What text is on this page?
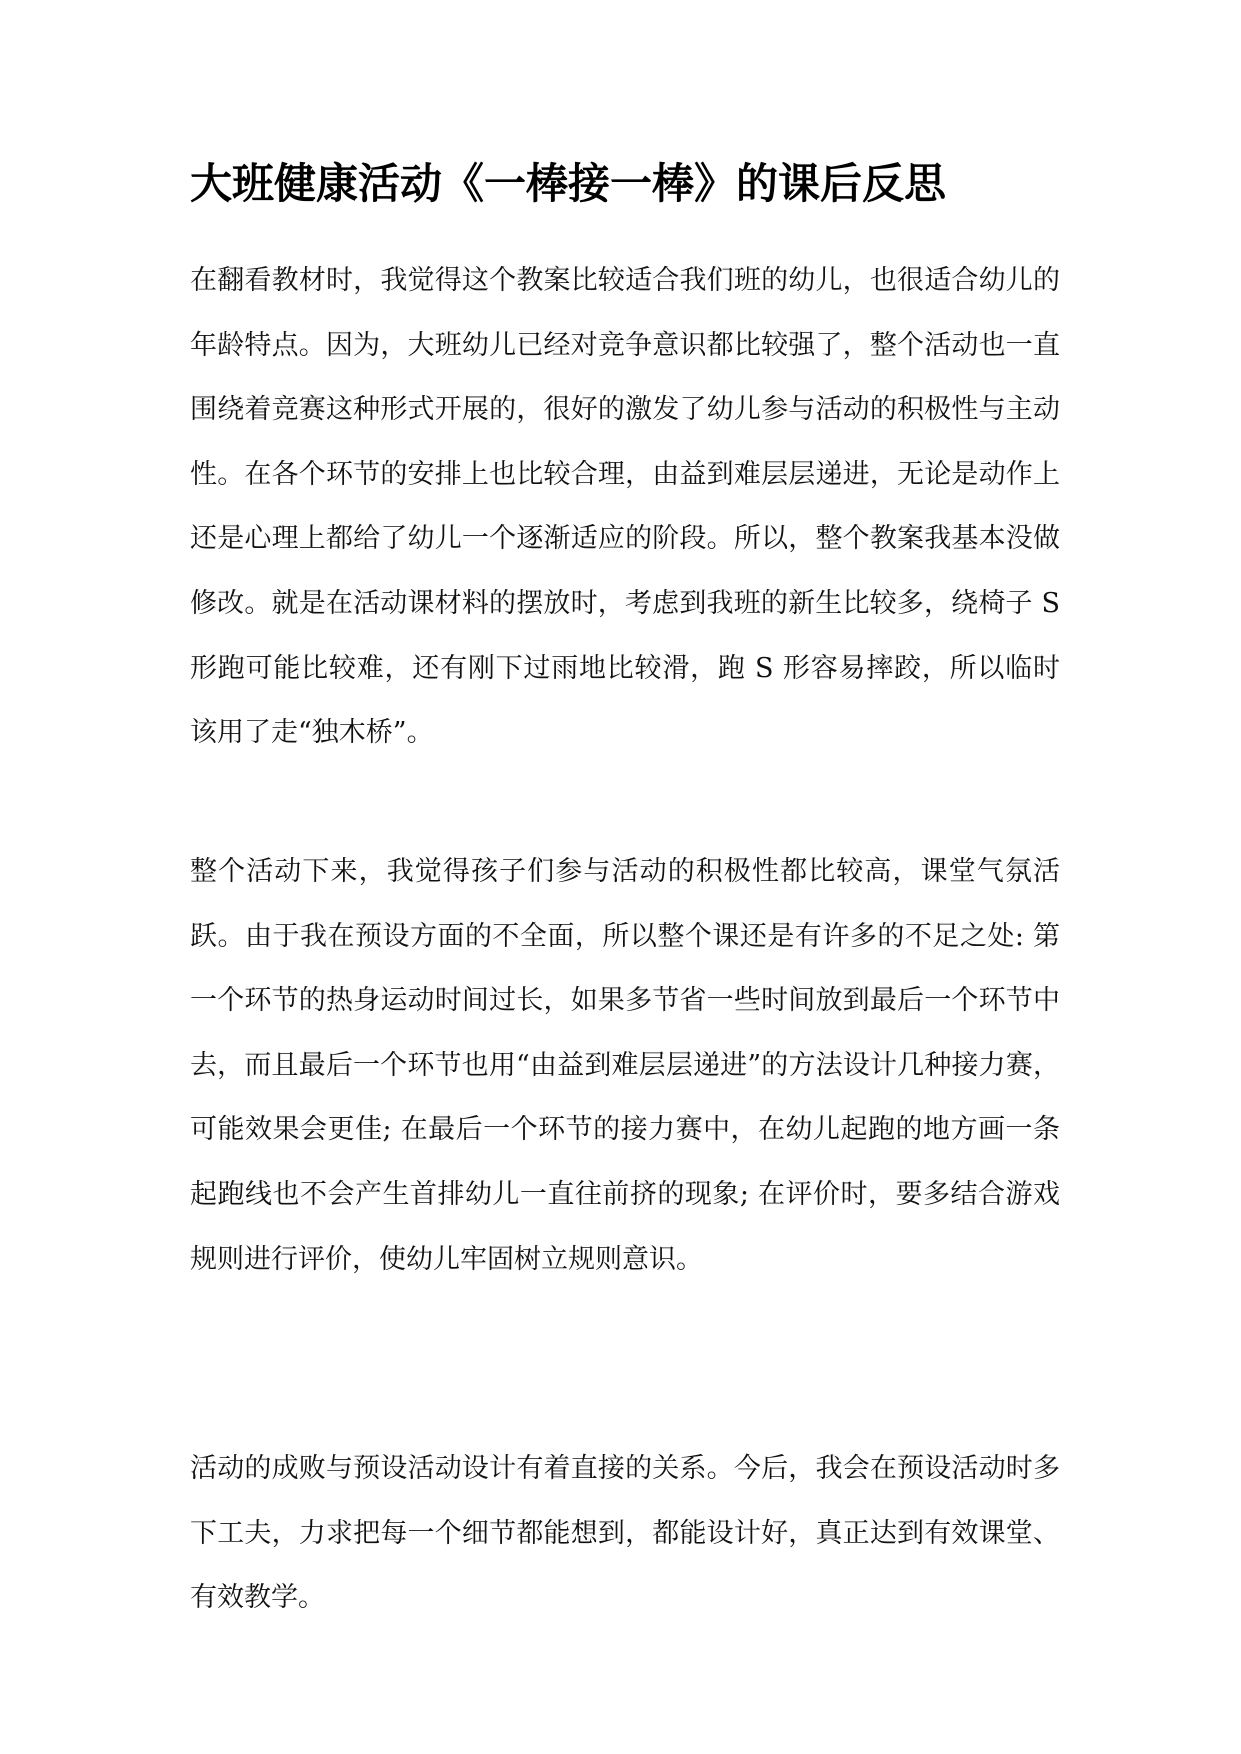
大班健康活动《一棒接一棒》的课后反思

在翻看教材时，我觉得这个教案比较适合我们班的幼儿，也很适合幼儿的年龄特点。因为，大班幼儿已经对竞争意识都比较强了，整个活动也一直围绕着竞赛这种形式开展的，很好的激发了幼儿参与活动的积极性与主动性。在各个环节的安排上也比较合理，由益到难层层递进，无论是动作上还是心理上都给了幼儿一个逐渐适应的阶段。所以，整个教案我基本没做修改。就是在活动课材料的摆放时，考虑到我班的新生比较多，绕椅子 S 形跑可能比较难，还有刚下过雨地比较滑，跑 S 形容易摔跤，所以临时该用了走“独木桥”。

整个活动下来，我觉得孩子们参与活动的积极性都比较高，课堂气氛活跃。由于我在预设方面的不全面，所以整个课还是有许多的不足之处: 第一个环节的热身运动时间过长，如果多节省一些时间放到最后一个环节中去，而且最后一个环节也用“由益到难层层递进”的方法设计几种接力赛，可能效果会更佳; 在最后一个环节的接力赛中，在幼儿起跑的地方画一条起跑线也不会产生首排幼儿一直往前挤的现象; 在评价时，要多结合游戏规则进行评价，使幼儿牢固树立规则意识。

活动的成败与预设活动设计有着直接的关系。今后，我会在预设活动时多下工夫，力求把每一个细节都能想到，都能设计好，真正达到有效课堂、有效教学。
